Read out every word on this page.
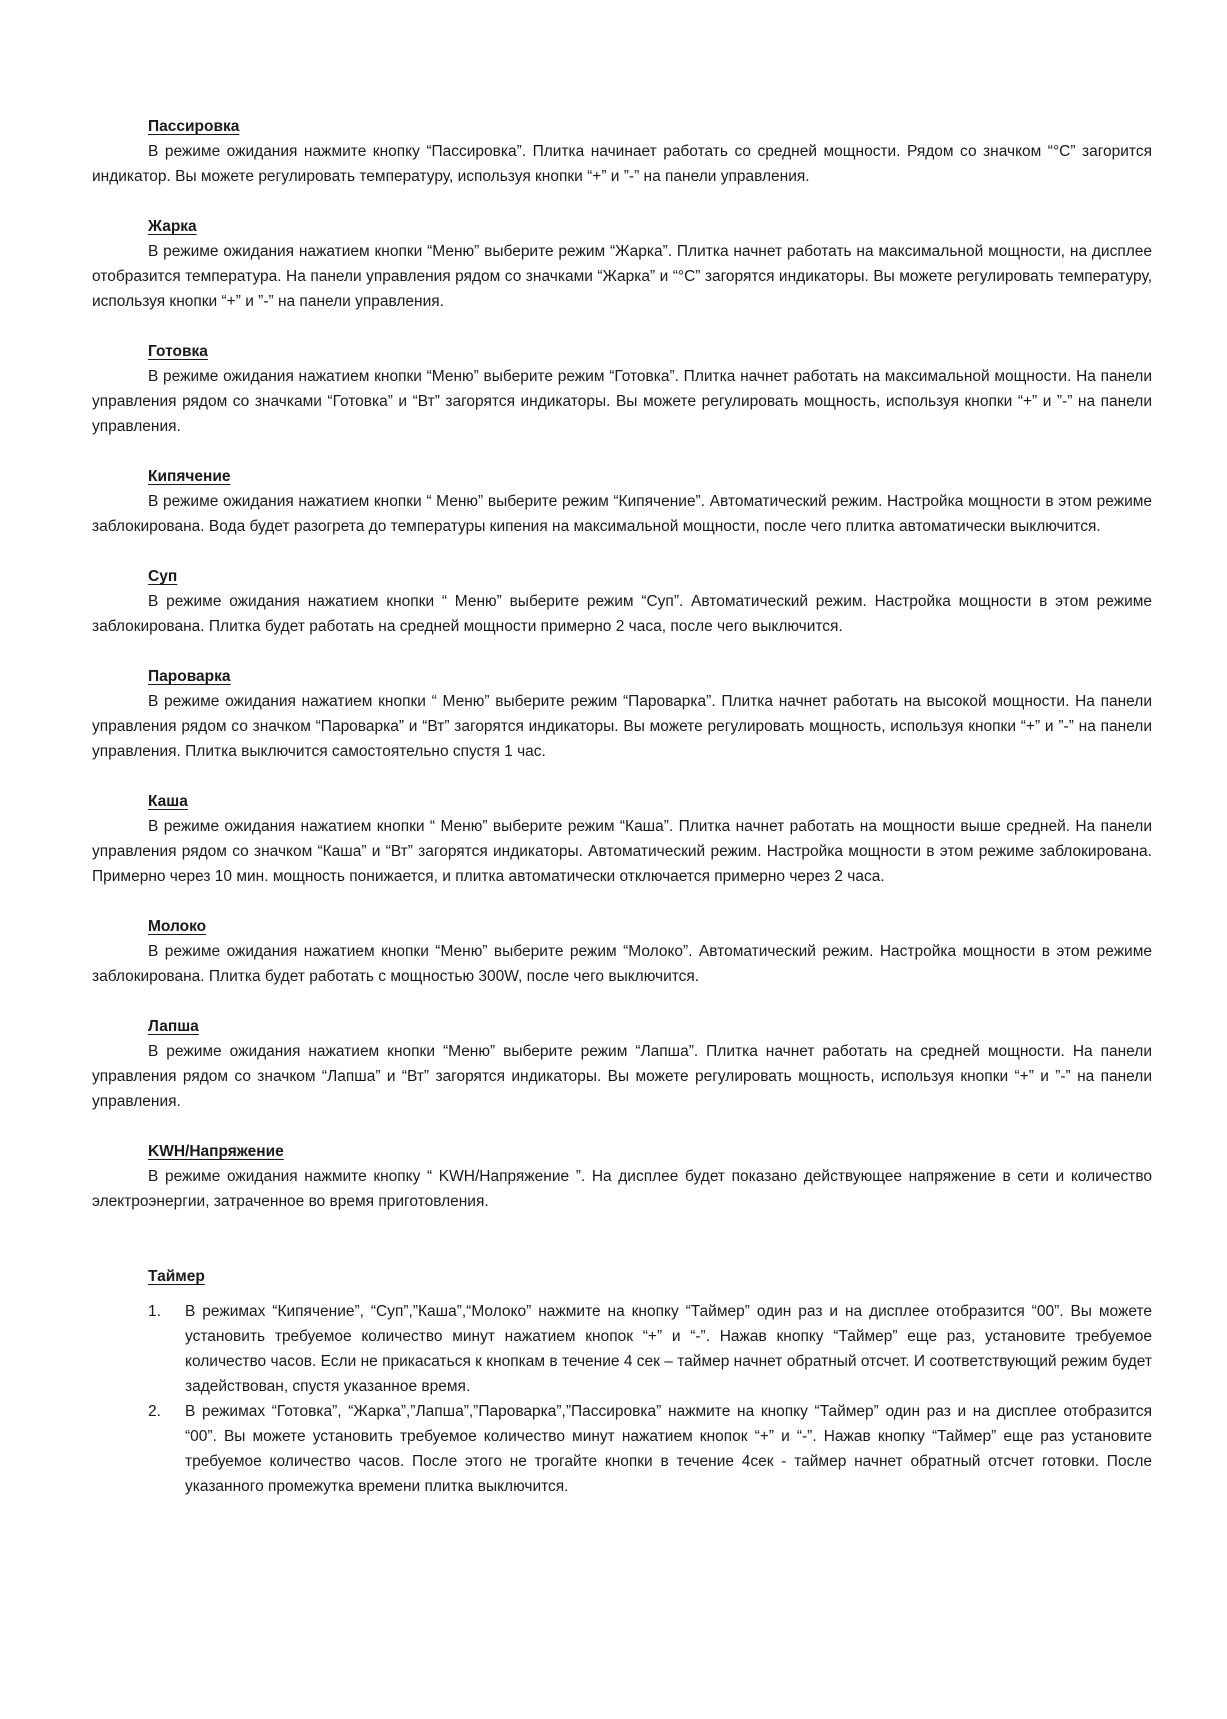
Пассировка

В режиме ожидания нажмите кнопку “Пассировка”. Плитка начинает работать со средней мощности. Рядом со значком “°C” загорится индикатор. Вы можете регулировать температуру, используя кнопки “+” и ”-” на панели управления.

Жарка

В режиме ожидания нажатием кнопки “Меню” выберите режим “Жарка”. Плитка начнет работать на максимальной мощности, на дисплее отобразится температура. На панели управления рядом со значками “Жарка” и “°C” загорятся индикаторы. Вы можете регулировать температуру, используя кнопки “+” и ”-” на панели управления.

Готовка

В режиме ожидания нажатием кнопки “Меню” выберите режим “Готовка”. Плитка начнет работать на максимальной мощности. На панели управления рядом со значками “Готовка” и “Вт” загорятся индикаторы. Вы можете регулировать мощность, используя кнопки “+” и ”-” на панели управления.

Кипячение

В режиме ожидания нажатием кнопки “ Меню” выберите режим “Кипячение”. Автоматический режим. Настройка мощности в этом режиме заблокирована. Вода будет разогрета до температуры кипения на максимальной мощности, после чего плитка автоматически выключится.

Суп

В режиме ожидания нажатием кнопки “ Меню” выберите режим “Суп”. Автоматический режим. Настройка мощности в этом режиме заблокирована. Плитка будет работать на средней мощности примерно 2 часа, после чего выключится.

Пароварка

В режиме ожидания нажатием кнопки “ Меню” выберите режим “Пароварка”. Плитка начнет работать на высокой мощности. На панели управления рядом со значком “Пароварка” и “Вт” загорятся индикаторы. Вы можете регулировать мощность, используя кнопки “+” и ”-” на панели управления. Плитка выключится самостоятельно спустя 1 час.

Каша

В режиме ожидания нажатием кнопки “ Меню” выберите режим “Каша”. Плитка начнет работать на мощности выше средней. На панели управления рядом со значком “Каша” и “Вт” загорятся индикаторы. Автоматический режим. Настройка мощности в этом режиме заблокирована. Примерно через 10 мин. мощность понижается, и плитка автоматически отключается примерно через 2 часа.

Молоко

В режиме ожидания нажатием кнопки “Меню” выберите режим “Молоко”. Автоматический режим. Настройка мощности в этом режиме заблокирована. Плитка будет работать с мощностью 300W, после чего выключится.

Лапша

В режиме ожидания нажатием кнопки “Меню” выберите режим “Лапша”. Плитка начнет работать на средней мощности. На панели управления рядом со значком “Лапша” и “Вт” загорятся индикаторы. Вы можете регулировать мощность, используя кнопки “+” и ”-” на панели управления.

KWH/Напряжение

В режиме ожидания нажмите кнопку “ KWH/Напряжение ”. На дисплее будет показано действующее напряжение в сети и количество электроэнергии, затраченное во время приготовления.

Таймер
1. В режимах “Кипячение”, “Суп”,”Каша”,“Молоко” нажмите на кнопку “Таймер” один раз и на дисплее отобразится “00”. Вы можете установить требуемое количество минут нажатием кнопок “+” и “-”. Нажав кнопку “Таймер” еще раз, установите требуемое количество часов. Если не прикасаться к кнопкам в течение 4 сек – таймер начнет обратный отсчет. И соответствующий режим будет задействован, спустя указанное время.
2. В режимах “Готовка”, “Жарка”,”Лапша”,”Пароварка”,”Пассировка” нажмите на кнопку “Таймер” один раз и на дисплее отобразится “00”. Вы можете установить требуемое количество минут нажатием кнопок “+” и “-”. Нажав кнопку “Таймер” еще раз установите требуемое количество часов. После этого не трогайте кнопки в течение 4сек - таймер начнет обратный отсчет готовки. После указанного промежутка времени плитка выключится.
